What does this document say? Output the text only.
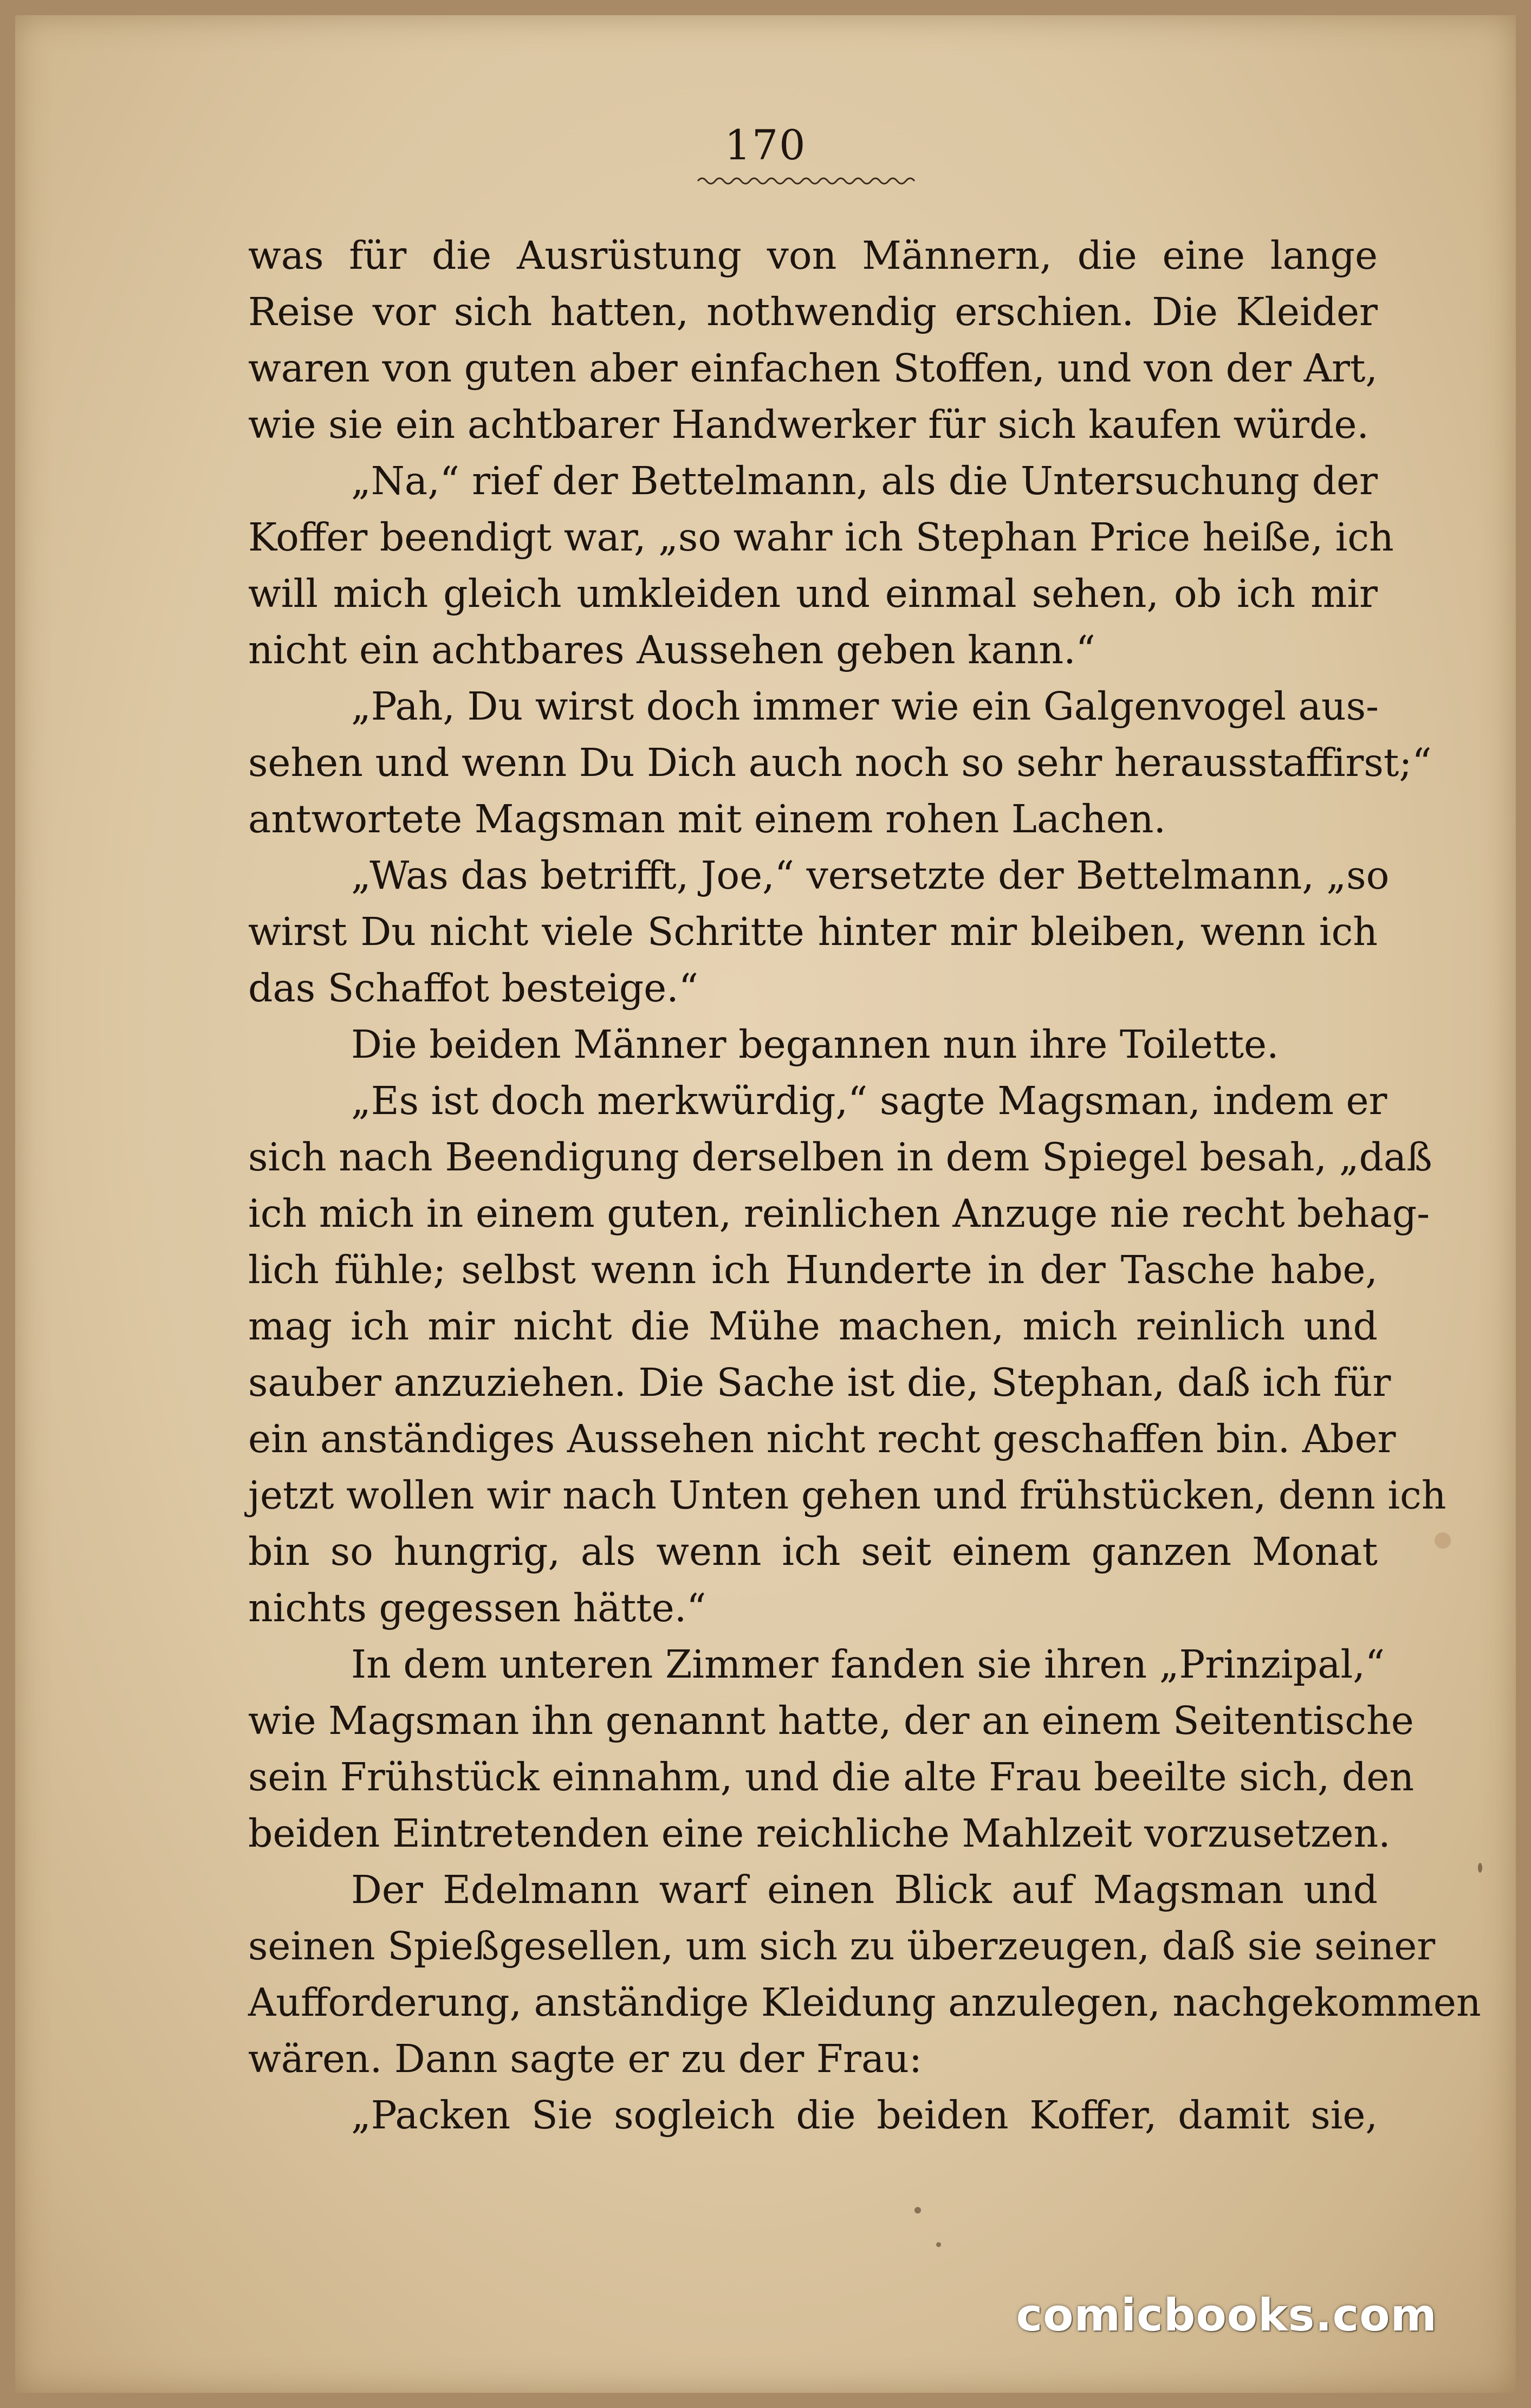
170
was für die Ausrüstung von Männern, die eine lange
Reise vor sich hatten, nothwendig erschien. Die Kleider
waren von guten aber einfachen Stoffen, und von der Art,
wie sie ein achtbarer Handwerker für sich kaufen würde.
„Na,“ rief der Bettelmann, als die Untersuchung der
Koffer beendigt war, „so wahr ich Stephan Price heiße, ich
will mich gleich umkleiden und einmal sehen, ob ich mir
nicht ein achtbares Aussehen geben kann.“
„Pah, Du wirst doch immer wie ein Galgenvogel aus-
sehen und wenn Du Dich auch noch so sehr herausstaffirst;“
antwortete Magsman mit einem rohen Lachen.
„Was das betrifft, Joe,“ versetzte der Bettelmann, „so
wirst Du nicht viele Schritte hinter mir bleiben, wenn ich
das Schaffot besteige.“
Die beiden Männer begannen nun ihre Toilette.
„Es ist doch merkwürdig,“ sagte Magsman, indem er
sich nach Beendigung derselben in dem Spiegel besah, „daß
ich mich in einem guten, reinlichen Anzuge nie recht behag-
lich fühle; selbst wenn ich Hunderte in der Tasche habe,
mag ich mir nicht die Mühe machen, mich reinlich und
sauber anzuziehen. Die Sache ist die, Stephan, daß ich für
ein anständiges Aussehen nicht recht geschaffen bin. Aber
jetzt wollen wir nach Unten gehen und frühstücken, denn ich
bin so hungrig, als wenn ich seit einem ganzen Monat
nichts gegessen hätte.“
In dem unteren Zimmer fanden sie ihren „Prinzipal,“
wie Magsman ihn genannt hatte, der an einem Seitentische
sein Frühstück einnahm, und die alte Frau beeilte sich, den
beiden Eintretenden eine reichliche Mahlzeit vorzusetzen.
Der Edelmann warf einen Blick auf Magsman und
seinen Spießgesellen, um sich zu überzeugen, daß sie seiner
Aufforderung, anständige Kleidung anzulegen, nachgekommen
wären. Dann sagte er zu der Frau:
„Packen Sie sogleich die beiden Koffer, damit sie,
comicbooks.com
